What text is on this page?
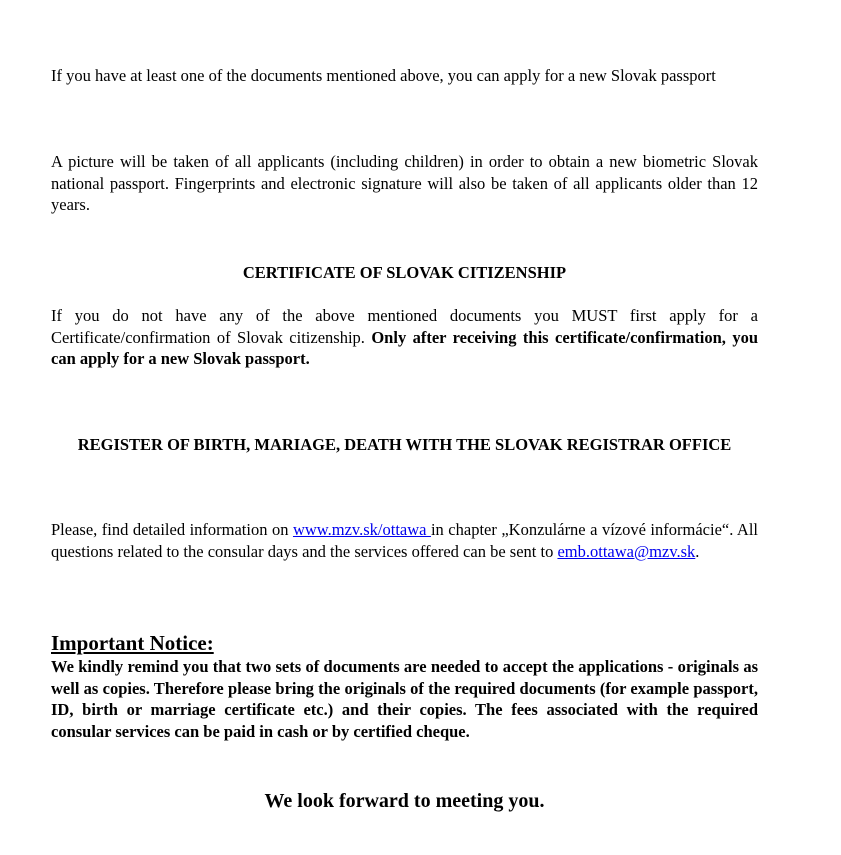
If you have at least one of the documents mentioned above, you can apply for a new Slovak passport

A picture will be taken of all applicants (including children) in order to obtain a new biometric Slovak national passport. Fingerprints and electronic signature will also be taken of all applicants older than 12 years.

CERTIFICATE OF SLOVAK CITIZENSHIP

If you do not have any of the above mentioned documents you MUST first apply for a Certificate/confirmation of Slovak citizenship. Only after receiving this certificate/confirmation, you can apply for a new Slovak passport.

REGISTER OF BIRTH, MARIAGE, DEATH WITH THE SLOVAK REGISTRAR OFFICE

Please, find detailed information on www.mzv.sk/ottawa in chapter „Konzulárne a vízové informácie“. All questions related to the consular days and the services offered can be sent to emb.ottawa@mzv.sk.

Important Notice:

We kindly remind you that two sets of documents are needed to accept the applications - originals as well as copies. Therefore please bring the originals of the required documents (for example passport, ID, birth or marriage certificate etc.) and their copies. The fees associated with the required consular services can be paid in cash or by certified cheque.

We look forward to meeting you.
